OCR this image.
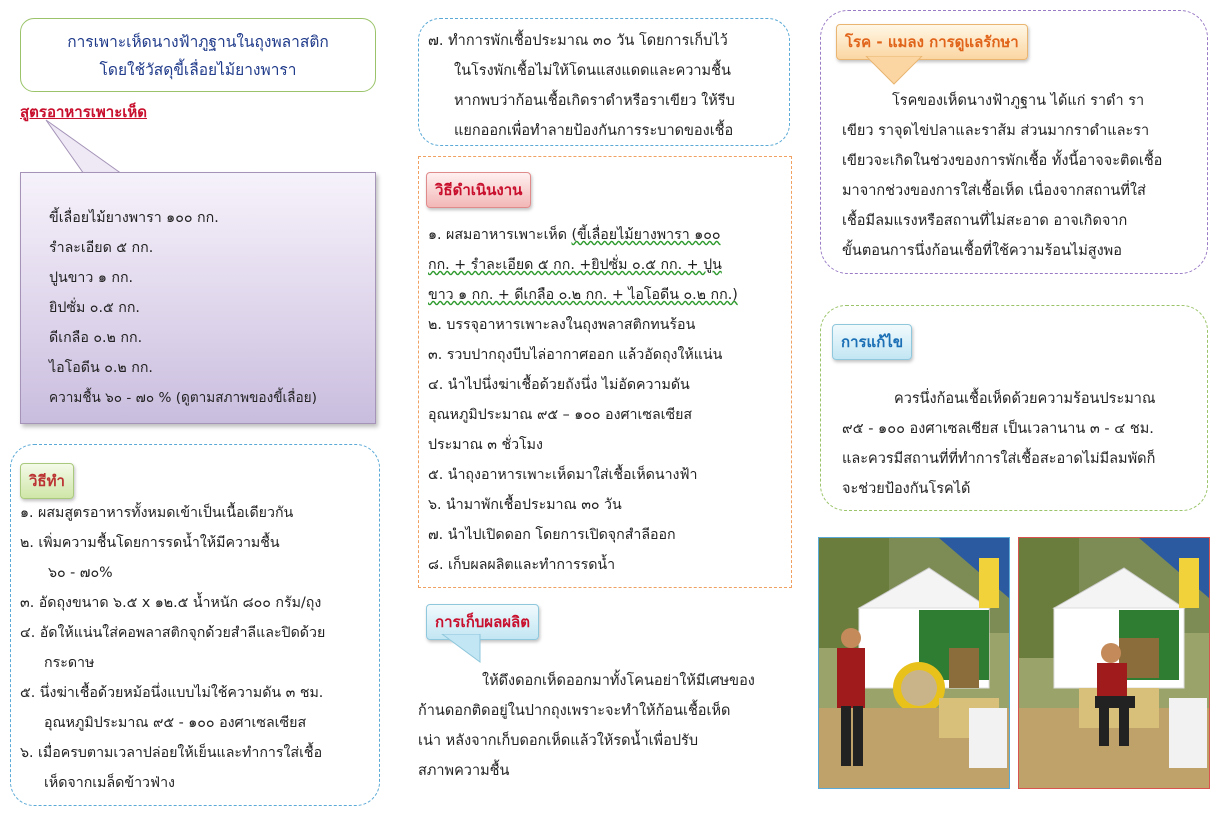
การเพาะเห็ดนางฟ้าภูฐานในถุงพลาสติก
โดยใช้วัสดุขี้เลื่อยไม้ยางพารา
สูตรอาหารเพาะเห็ด
ขี้เลื่อยไม้ยางพารา ๑๐๐ กก.
รำละเอียด ๕ กก.
ปูนขาว ๑ กก.
ยิปซั่ม ๐.๕ กก.
ดีเกลือ ๐.๒ กก.
ไอโอดีน ๐.๒ กก.
ความชื้น ๖๐ - ๗๐ % (ดูตามสภาพของขี้เลื่อย)
วิธีทำ
๑. ผสมสูตรอาหารทั้งหมดเข้าเป็นเนื้อเดียวกัน
๒. เพิ่มความชื้นโดยการรดน้ำให้มีความชื้น
๖๐ - ๗๐%
๓. อัดถุงขนาด ๖.๕ x ๑๒.๕ น้ำหนัก ๘๐๐ กรัม/ถุง
๔. อัดให้แน่นใส่คอพลาสติกจุกด้วยสำลีและปิดด้วย
กระดาษ
๕. นึ่งฆ่าเชื้อด้วยหม้อนึ่งแบบไม่ใช้ความดัน ๓ ชม.
อุณหภูมิประมาณ ๙๕ - ๑๐๐ องศาเซลเซียส
๖. เมื่อครบตามเวลาปล่อยให้เย็นและทำการใส่เชื้อ
เห็ดจากเมล็ดข้าวฟ่าง
๗. ทำการพักเชื้อประมาณ ๓๐ วัน โดยการเก็บไว้
ในโรงพักเชื้อไม่ให้โดนแสงแดดและความชื้น
หากพบว่าก้อนเชื้อเกิดราดำหรือราเขียว ให้รีบ
แยกออกเพื่อทำลายป้องกันการระบาดของเชื้อ
วิธีดำเนินงาน
๑. ผสมอาหารเพาะเห็ด (ขี้เลื่อยไม้ยางพารา ๑๐๐
กก. + รำละเอียด ๕ กก. +ยิปซั่ม ๐.๕ กก. + ปูน
ขาว ๑ กก. + ดีเกลือ ๐.๒ กก. + ไอโอดีน ๐.๒ กก.)
๒. บรรจุอาหารเพาะลงในถุงพลาสติกทนร้อน
๓. รวบปากถุงบีบไล่อากาศออก แล้วอัดถุงให้แน่น
๔. นำไปนึ่งฆ่าเชื้อด้วยถังนึ่ง ไม่อัดความดัน
อุณหภูมิประมาณ ๙๕ – ๑๐๐ องศาเซลเซียส
ประมาณ ๓ ชั่วโมง
๕. นำถุงอาหารเพาะเห็ดมาใส่เชื้อเห็ดนางฟ้า
๖. นำมาพักเชื้อประมาณ ๓๐ วัน
๗. นำไปเปิดดอก โดยการเปิดจุกสำลีออก
๘. เก็บผลผลิตและทำการรดน้ำ
การเก็บผลผลิต
ให้ดึงดอกเห็ดออกมาทั้งโคนอย่าให้มีเศษของ
ก้านดอกติดอยู่ในปากถุงเพราะจะทำให้ก้อนเชื้อเห็ด
เน่า หลังจากเก็บดอกเห็ดแล้วให้รดน้ำเพื่อปรับ
สภาพความชื้น
โรค - แมลง การดูแลรักษา
โรคของเห็ดนางฟ้าภูฐาน ได้แก่ ราดำ รา
เขียว ราจุดไข่ปลาและราส้ม ส่วนมากราดำและรา
เขียวจะเกิดในช่วงของการพักเชื้อ ทั้งนี้อาจจะติดเชื้อ
มาจากช่วงของการใส่เชื้อเห็ด เนื่องจากสถานที่ใส่
เชื้อมีลมแรงหรือสถานที่ไม่สะอาด อาจเกิดจาก
ขั้นตอนการนึ่งก้อนเชื้อที่ใช้ความร้อนไม่สูงพอ
การแก้ไข
ควรนึ่งก้อนเชื้อเห็ดด้วยความร้อนประมาณ
๙๕ - ๑๐๐ องศาเซลเซียส เป็นเวลานาน ๓ - ๔ ชม.
และควรมีสถานที่ที่ทำการใส่เชื้อสะอาดไม่มีลมพัดก็
จะช่วยป้องกันโรคได้
